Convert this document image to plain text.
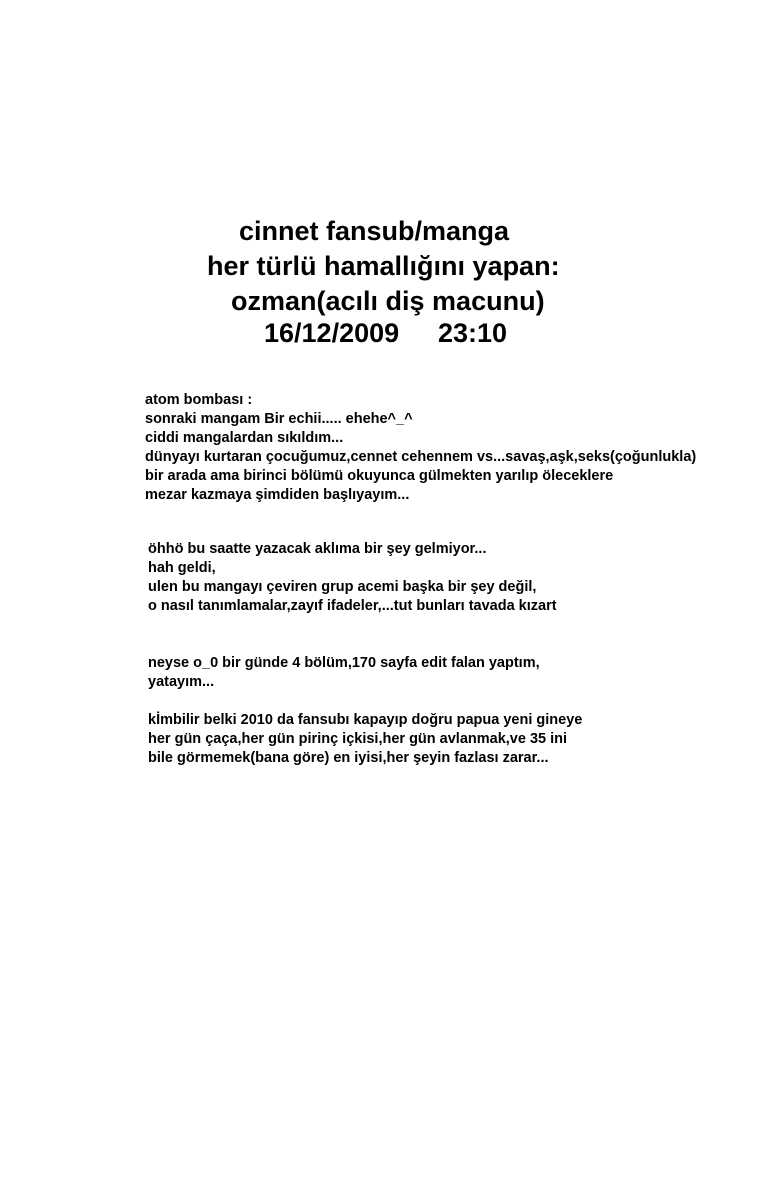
cinnet fansub/manga

her türlü hamallığını yapan:

ozman(acılı diş macunu)

16/12/2009 23:10

atom bombası :

sonraki mangam Bir echii..... ehehe^_^

ciddi mangalardan sıkıldım...

dünyayı kurtaran çocuğumuz,cennet cehennem vs...savaş,aşk,seks(çoğunlukla)

bir arada ama birinci bölümü okuyunca gülmekten yarılıp öleceklere

mezar kazmaya şimdiden başlıyayım...

öhhö bu saatte yazacak aklıma bir şey gelmiyor...

hah geldi,

ulen bu mangayı çeviren grup acemi başka bir şey değil,

o nasıl tanımlamalar,zayıf ifadeler,...tut bunları tavada kızart

neyse o_0 bir günde 4 bölüm,170 sayfa edit falan yaptım,

yatayım...

kİmbilir belki 2010 da fansubı kapayıp doğru papua yeni gineye

her gün çaça,her gün pirinç içkisi,her gün avlanmak,ve 35 ini

bile görmemek(bana göre) en iyisi,her şeyin fazlası zarar...
